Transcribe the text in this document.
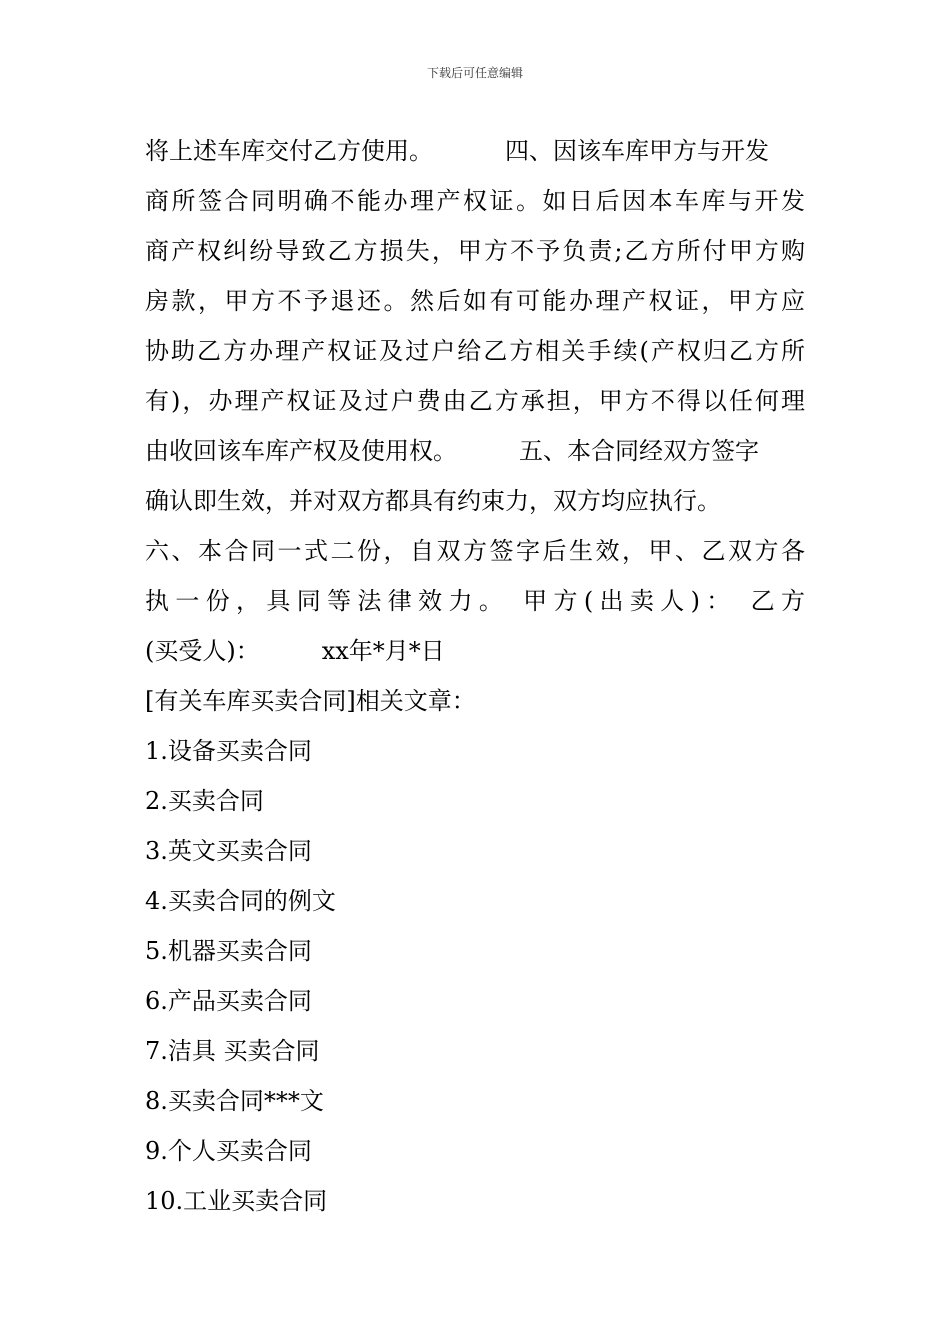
下载后可任意编辑
将上述车库交付乙方使用。	四、因该车库甲方与开发
商所签合同明确不能办理产权证。如日后因本车库与开发
商产权纠纷导致乙方损失，甲方不予负责;乙方所付甲方购
房款，甲方不予退还。然后如有可能办理产权证，甲方应
协助乙方办理产权证及过户给乙方相关手续(产权归乙方所
有)，办理产权证及过户费由乙方承担，甲方不得以任何理
由收回该车库产权及使用权。	五、本合同经双方签字
确认即生效，并对双方都具有约束力，双方均应执行。
六、本合同一式二份，自双方签字后生效，甲、乙双方各
执一份，具同等法律效力。 甲方(出卖人)： 乙方
(买受人)：	xx年*月*日
[有关车库买卖合同]相关文章：
1.设备买卖合同
2.买卖合同
3.英文买卖合同
4.买卖合同的例文
5.机器买卖合同
6.产品买卖合同
7.洁具 买卖合同
8.买卖合同***文
9.个人买卖合同
10.工业买卖合同
